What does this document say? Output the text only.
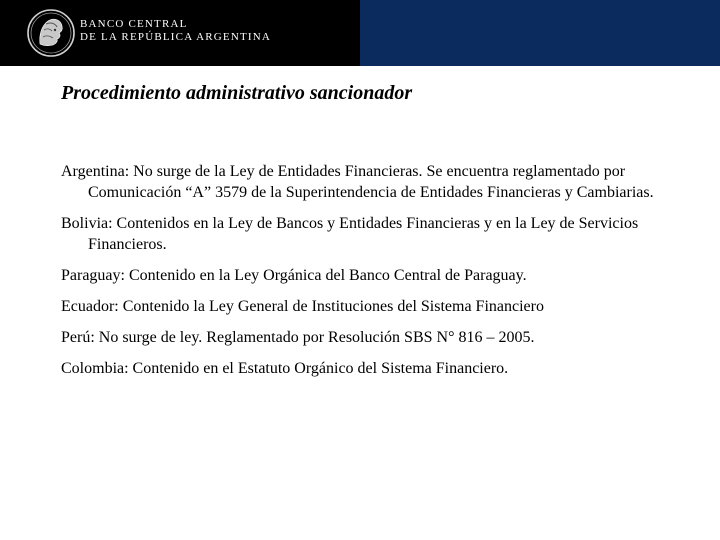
BANCO CENTRAL
DE LA REPÚBLICA ARGENTINA
Procedimiento administrativo sancionador

Argentina: No surge de la Ley de Entidades Financieras. Se encuentra reglamentado por Comunicación “A” 3579 de la Superintendencia de Entidades Financieras y Cambiarias.

Bolivia: Contenidos en la Ley de Bancos y Entidades Financieras y en la Ley de Servicios Financieros.

Paraguay: Contenido en la Ley Orgánica del Banco Central de Paraguay.

Ecuador: Contenido la Ley General de Instituciones del Sistema Financiero

Perú: No surge de ley. Reglamentado por Resolución SBS N° 816 – 2005.

Colombia: Contenido en el Estatuto Orgánico del Sistema Financiero.
